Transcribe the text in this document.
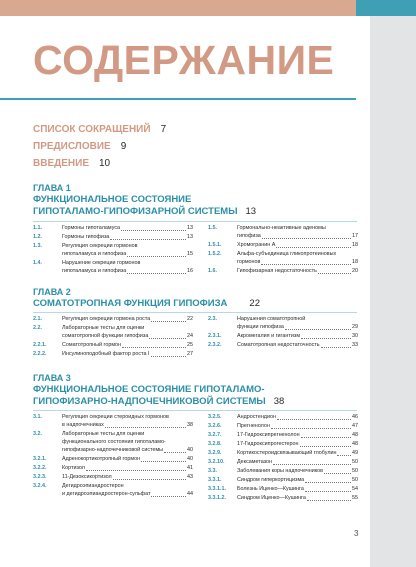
СОДЕРЖАНИЕ
СПИСОК СОКРАЩЕНИЙ 7
ПРЕДИСЛОВИЕ 9
ВВЕДЕНИЕ 10
ГЛАВА 1
ФУНКЦИОНАЛЬНОЕ СОСТОЯНИЕ
ГИПОТАЛАМО-ГИПОФИЗАРНОЙ СИСТЕМЫ 13
1.1.	Гормоны гипоталамуса	13
1.2.	Гормоны гипофиза	13
1.3.	Регуляция секреции гормонов
гипоталамуса и гипофиза	15
1.4.	Нарушение секреции гормонов
гипоталамуса и гипофиза	16
1.5.	Гормонально-неактивные аденомы
гипофиза	17
1.5.1.	Хромогранин А	18
1.5.2.	Альфа-субъединица гликопротеиновых
гормонов	18
1.6.	Гипофизарная недостаточность	20
ГЛАВА 2
СОМАТОТРОПНАЯ ФУНКЦИЯ ГИПОФИЗА 22
2.1.	Регуляция секреции гормона роста	22
2.2.	Лабораторные тесты для оценки
соматотропной функции гипофиза	24
2.2.1.	Соматотропный гормон	25
2.2.2.	Инсулиноподобный фактор роста I	27
2.3.	Нарушения соматотропной
функции гипофиза	29
2.3.1.	Акромегалия и гигантизм	30
2.3.2.	Соматотропная недостаточность	33
ГЛАВА 3
ФУНКЦИОНАЛЬНОЕ СОСТОЯНИЕ ГИПОТАЛАМО-
ГИПОФИЗАРНО-НАДПОЧЕЧНИКОВОЙ СИСТЕМЫ 38
3.1.	Регуляция секреции стероидных гормонов
в надпочечниках	38
3.2.	Лабораторные тесты для оценки
функционального состояния гипоталамо-
гипофизарно-надпочечниковой системы	40
3.2.1.	Адренокортикотропный гормон	40
3.2.2.	Кортизол	41
3.2.3.	11-Дезоксикортизол	43
3.2.4.	Дегидроэпиандростерон
и дегидроэпиандростерон-сульфат	44
3.2.5.	Андростендион	46
3.2.6.	Прегненолон	47
3.2.7.	17-Гидроксипрегненолон	48
3.2.8.	17-Гидроксипрогестерон	48
3.2.9.	Кортикостероидсвязывающий глобулин	49
3.2.10. Дексаметазон	50
3.3.	Заболевания коры надпочечников	50
3.3.1.	Синдром гиперкортицизма	50
3.3.1.1. Болезнь Иценко—Кушинга	54
3.3.1.2. Синдром Иценко—Кушинга	55
3
